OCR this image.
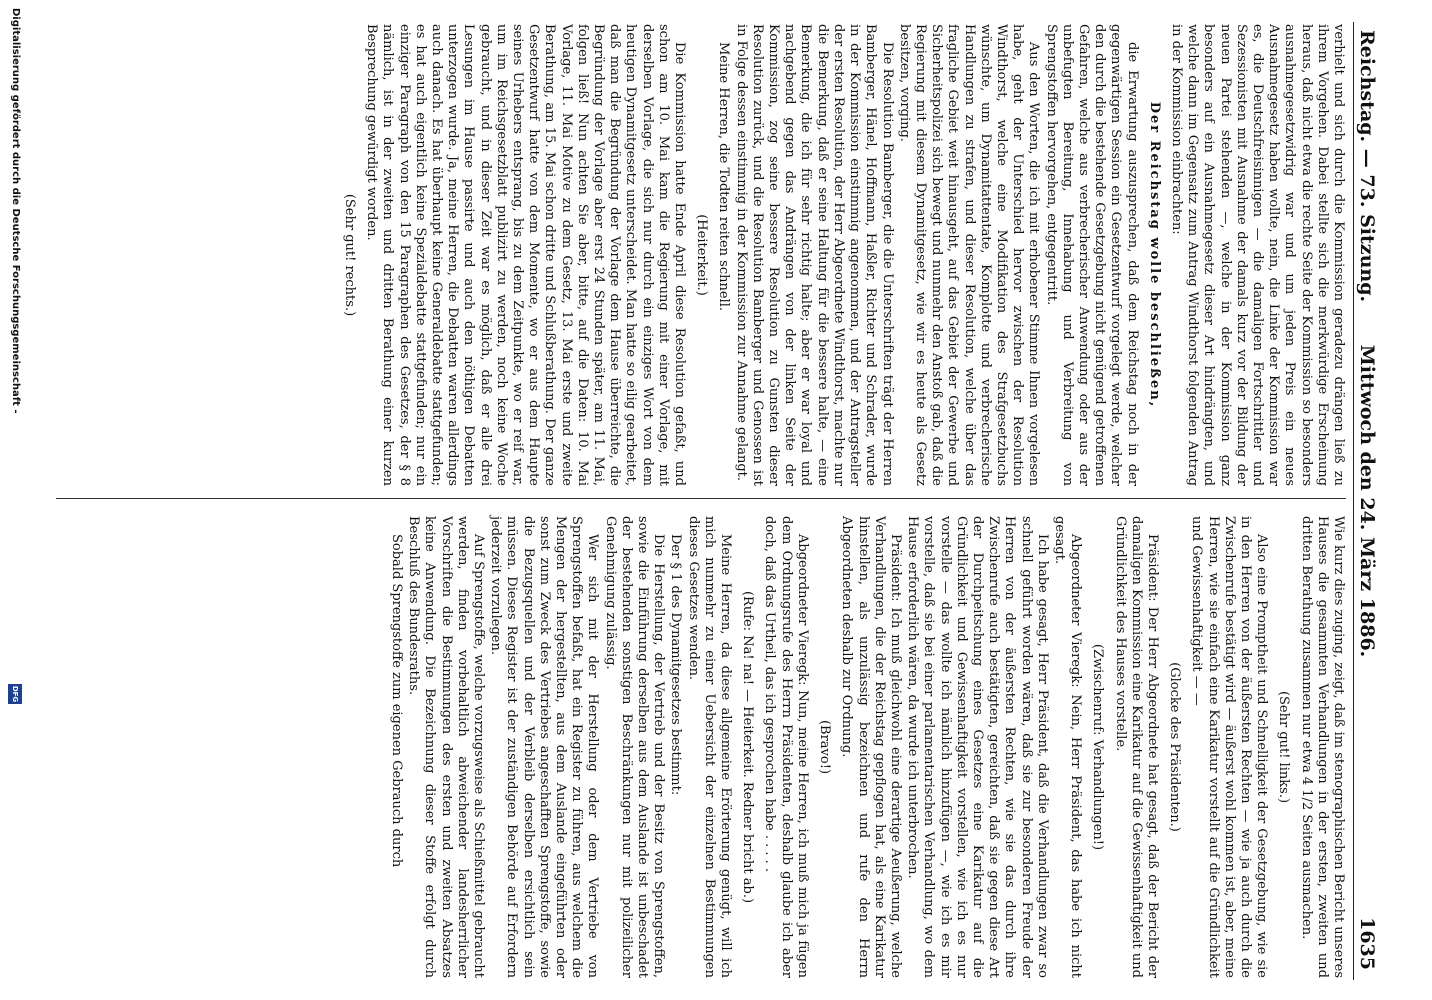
Reichstag. — 73. Sitzung.
Mittwoch den 24. März 1886.
1635

verhielt und sich durch die Kommission geradezu drängen ließ zu ihrem Vorgehen. Dabei stellte sich die merkwürdige Erscheinung heraus, daß nicht etwa die rechte Seite der Kommission so besonders ausnahmegesetzwidrig war und um jeden Preis ein neues Ausnahmegesetz haben wollte, nein, die Linke der Kommission war es, die Deutschfreisinnigen — die damaligen Fortschrittler und Sezessionisten mit Ausnahme der damals kurz vor der Bildung der neuen Partei stehenden —, welche in der Kommission ganz besonders auf ein Ausnahmegesetz dieser Art hindrängten, und welche dann im Gegensatz zum Antrag Windthorst folgenden Antrag in der Kommission einbrachten:

Der Reichstag wolle beschließen,

die Erwartung auszusprechen, daß dem Reichstag noch in der gegenwärtigen Session ein Gesetzentwurf vorgelegt werde, welcher den durch die bestehende Gesetzgebung nicht genügend getroffenen Gefahren, welche aus verbrecherischer Anwendung oder aus der unbefugten Bereitung, Innehabung und Verbreitung von Sprengstoffen hervorgehen, entgegentritt.

Aus den Worten, die ich mit erhobener Stimme Ihnen vorgelesen habe, geht der Unterschied hervor zwischen der Resolution Windthorst, welche eine Modifikation des Strafgesetzbuchs wünschte, um Dynamitattentate, Komplotte und verbrecherische Handlungen zu strafen, und dieser Resolution, welche über das fragliche Gebiet weit hinausgeht, auf das Gebiet der Gewerbe und Sicherheitspolizei sich bewegt und nunmehr den Anstoß gab, daß die Regierung mit diesem Dynamitgesetz, wie wir es heute als Gesetz besitzen, vorging.

Die Resolution Bamberger, die die Unterschriften trägt der Herren Bamberger, Hänel, Hoffmann, Haßler, Richter und Schrader, wurde in der Kommission einstimmig angenommen, und der Antragsteller der ersten Resolution, der Herr Abgeordnete Windthorst, machte nur die Bemerkung, daß er seine Haltung für die bessere halte, — eine Bemerkung, die ich für sehr richtig halte; aber er war loyal und nachgebend gegen das Andrängen von der linken Seite der Kommission, zog seine bessere Resolution zu Gunsten dieser Resolution zurück, und die Resolution Bamberger und Genossen ist in Folge dessen einstimmig in der Kommission zur Annahme gelangt.

Meine Herren, die Todten reiten schnell.

(Heiterkeit.)

Die Kommission hatte Ende April diese Resolution gefaßt, und schon am 10. Mai kam die Regierung mit einer Vorlage, mit derselben Vorlage, die sich nur durch ein einziges Wort von dem heutigen Dynamitgesetz unterscheidet. Man hatte so eilig gearbeitet, daß man die Begründung der Vorlage dem Hause überreichte, die Begründung der Vorlage aber erst 24 Stunden später, am 11. Mai, folgen ließ! Nun achten Sie aber, bitte, auf die Daten: 10. Mai Vorlage, 11. Mai Motive zu dem Gesetz, 13. Mai erste und zweite Berathung, am 15. Mai schon dritte und Schlußberathung. Der ganze Gesetzentwurf hatte von dem Momente, wo er aus dem Haupte seines Urhebers entsprang, bis zu dem Zeitpunkte, wo er reif war, um im Reichsgesetzblatt publizirt zu werden, noch keine Woche gebraucht, und in dieser Zeit war es möglich, daß er alle drei Lesungen im Hause passirte und auch den nöthigen Debatten unterzogen wurde. Ja, meine Herren, die Debatten waren allerdings auch danach. Es hat überhaupt keine Generaldebatte stattgefunden; es hat auch eigentlich keine Spezialdebatte stattgefunden; nur ein einziger Paragraph von den 15 Paragraphen des Gesetzes, der § 8 nämlich, ist in der zweiten und dritten Berathung einer kurzen Besprechung gewürdigt worden.

(Sehr gut! rechts.)

Wie kurz dies zuging, zeigt, daß im stenographischen Bericht unseres Hauses die gesammten Verhandlungen in der ersten, zweiten und dritten Berathung zusammen nur etwa 4 1/2 Seiten ausmachen.

(Sehr gut! links.)

Also eine Promptheit und Schnelligkeit der Gesetzgebung, wie sie in den Herren von der äußersten Rechten — wie ja auch durch die Zwischenrufe bestätigt wird — äußerst wohl kommen ist, aber, meine Herren, wie sie einfach eine Karikatur vorstellt auf die Gründlichkeit und Gewissenhaftigkeit — —

(Glocke des Präsidenten.)

Präsident: Der Herr Abgeordnete hat gesagt, daß der Bericht der damaligen Kommission eine Karikatur auf die Gewissenhaftigkeit und Gründlichkeit des Hauses vorstelle.

(Zwischenruf: Verhandlungen!)

Abgeordneter Vieregk: Nein, Herr Präsident, das habe ich nicht gesagt.

Ich habe gesagt, Herr Präsident, daß die Verhandlungen zwar so schnell geführt worden wären, daß sie zur besonderen Freude der Herren von der äußersten Rechten, wie sie das durch ihre Zwischenrufe auch bestätigten, gereichten, daß sie gegen diese Art der Durchpeitschung eines Gesetzes eine Karikatur auf die Gründlichkeit und Gewissenhaftigkeit vorstellen, wie ich es nur vorstelle — das wollte ich nämlich hinzufügen —, wie ich es mir vorstelle, daß sie bei einer parlamentarischen Verhandlung, wo dem Hause erforderlich wären, da wurde ich unterbrochen.

Präsident: Ich muß gleichwohl eine derartige Aeußerung, welche Verhandlungen, die der Reichstag gepflogen hat, als eine Karikatur hinstellen, als unzulässig bezeichnen und rufe den Herrn Abgeordneten deshalb zur Ordnung.

(Bravo!)

Abgeordneter Vieregk: Nun, meine Herren, ich muß mich ja fügen dem Ordnungsrufe des Herrn Präsidenten, deshalb glaube ich aber doch, daß das Urtheil, das ich gesprochen habe . . . . .

(Rufe: Na! na! — Heiterkeit. Redner bricht ab.)

Meine Herren, da diese allgemeine Erörterung genügt, will ich mich nunmehr zu einer Uebersicht der einzelnen Bestimmungen dieses Gesetzes wenden.

Der § 1 des Dynamitgesetzes bestimmt:

Die Herstellung, der Vertrieb und der Besitz von Sprengstoffen, sowie die Einführung derselben aus dem Auslande ist unbeschadet der bestehenden sonstigen Beschränkungen nur mit polizeilicher Genehmigung zulässig.

Wer sich mit der Herstellung oder dem Vertriebe von Sprengstoffen befaßt, hat ein Register zu führen, aus welchem die Mengen der hergestellten, aus dem Auslande eingeführten oder sonst zum Zweck des Vertriebes angeschafften Sprengstoffe, sowie die Bezugsquellen und der Verbleib derselben ersichtlich sein müssen. Dieses Register ist der zuständigen Behörde auf Erfordern jederzeit vorzulegen.

Auf Sprengstoffe, welche vorzugsweise als Schießmittel gebraucht werden, finden vorbehaltlich abweichender landesherrlicher Vorschriften die Bestimmungen des ersten und zweiten Absatzes keine Anwendung. Die Bezeichnung dieser Stoffe erfolgt durch Beschluß des Bundesraths.

Sobald Sprengstoffe zum eigenen Gebrauch durch

Digitalisierung gefördert durch die Deutsche Forschungsgemeinschaft -
DFG
